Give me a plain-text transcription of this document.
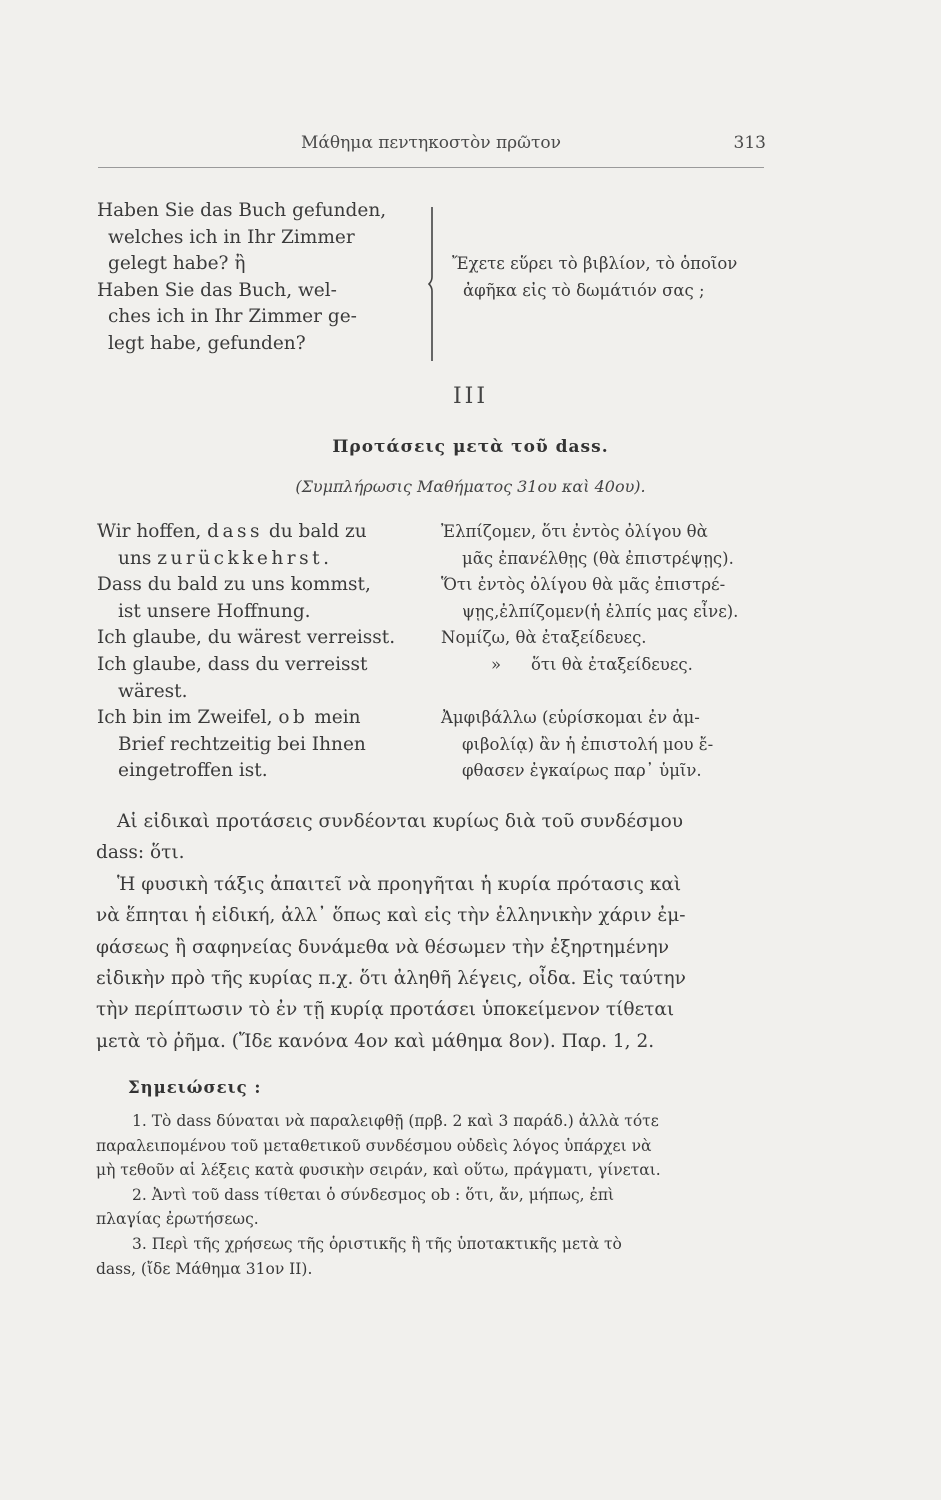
Μάθημα πεντηκοστὸν πρῶτον	313
Haben Sie das Buch gefunden,
welches ich in Ihr Zimmer
gelegt habe? ἢ
Haben Sie das Buch, wel-
ches ich in Ihr Zimmer ge-
legt habe, gefunden?
Ἔχετε εὕρει τὸ βιβλίον, τὸ ὁποῖον
ἀφῆκα εἰς τὸ δωμάτιόν σας ;
III
Προτάσεις μετὰ τοῦ dass.
(Συμπλήρωσις Μαθήματος 31ου καὶ 40ου).
Wir hoffen, dass du bald zu
uns zurückkehrst.
Dass du bald zu uns kommst,
ist unsere Hoffnung.
Ich glaube, du wärest verreisst.
Ich glaube, dass du verreisst
wärest.
Ich bin im Zweifel, ob mein
Brief rechtzeitig bei Ihnen
eingetroffen ist.
Ἐλπίζομεν, ὅτι ἐντὸς ὀλίγου θὰ
μᾶς ἐπανέλθῃς (θὰ ἐπιστρέψῃς).
Ὅτι ἐντὸς ὀλίγου θὰ μᾶς ἐπιστρέ-
ψῃς,ἐλπίζομεν(ἡ ἐλπίς μας εἶνε).
Νομίζω, θὰ ἐταξείδευες.
» ὅτι θὰ ἐταξείδευες.

Ἀμφιβάλλω (εὑρίσκομαι ἐν ἀμ-
φιβολίᾳ) ἂν ἡ ἐπιστολή μου ἔ-
φθασεν ἐγκαίρως παρ᾽ ὑμῖν.
Αἱ εἰδικαὶ προτάσεις συνδέονται κυρίως διὰ τοῦ συνδέσμου
dass: ὅτι.
Ἡ φυσικὴ τάξις ἀπαιτεῖ νὰ προηγῆται ἡ κυρία πρότασις καὶ
νὰ ἕπηται ἡ εἰδική, ἀλλ᾽ ὅπως καὶ εἰς τὴν ἑλληνικὴν χάριν ἐμ-
φάσεως ἢ σαφηνείας δυνάμεθα νὰ θέσωμεν τὴν ἐξηρτημένην
εἰδικὴν πρὸ τῆς κυρίας π.χ. ὅτι ἀληθῆ λέγεις, οἶδα. Εἰς ταύτην
τὴν περίπτωσιν τὸ ἐν τῇ κυρίᾳ προτάσει ὑποκείμενον τίθεται
μετὰ τὸ ῥῆμα. (Ἴδε κανόνα 4ον καὶ μάθημα 8ον). Παρ. 1, 2.
Σημειώσεις :
1. Τὸ dass δύναται νὰ παραλειφθῇ (πρβ. 2 καὶ 3 παράδ.) ἀλλὰ τότε
παραλειπομένου τοῦ μεταθετικοῦ συνδέσμου οὐδεὶς λόγος ὑπάρχει νὰ
μὴ τεθοῦν αἱ λέξεις κατὰ φυσικὴν σειράν, καὶ οὕτω, πράγματι, γίνεται.
2. Ἀντὶ τοῦ dass τίθεται ὁ σύνδεσμος ob : ὅτι, ἄν, μήπως, ἐπὶ
πλαγίας ἐρωτήσεως.
3. Περὶ τῆς χρήσεως τῆς ὁριστικῆς ἢ τῆς ὑποτακτικῆς μετὰ τὸ
dass, (ἴδε Μάθημα 31ον II).
